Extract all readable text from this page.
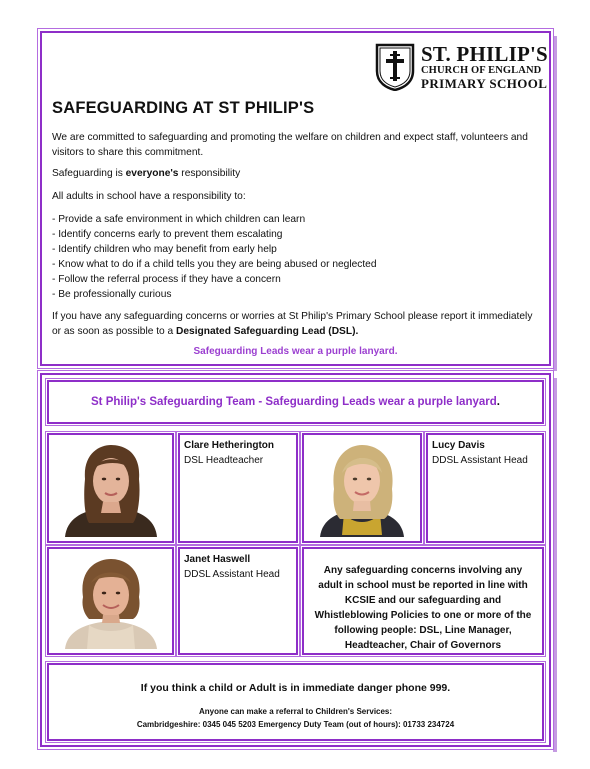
ST. PHILIP'S
CHURCH OF ENGLAND
PRIMARY SCHOOL
SAFEGUARDING AT ST PHILIP'S
We are committed to safeguarding and promoting the welfare on children and expect staff, volunteers and visitors to share this commitment.
Safeguarding is everyone's responsibility
All adults in school have a responsibility to:
- Provide a safe environment in which children can learn
- Identify concerns early to prevent them escalating
- Identify children who may benefit from early help
- Know what to do if a child tells you they are being abused or neglected
- Follow the referral process if they have a concern
- Be professionally curious
If you have any safeguarding concerns or worries at St Philip's Primary School please report it immediately or as soon as possible to a Designated Safeguarding Lead (DSL).
Safeguarding Leads wear a purple lanyard.
St Philip's Safeguarding Team - Safeguarding Leads wear a purple lanyard.
Clare Hetherington
DSL Headteacher
Lucy Davis
DDSL Assistant Head
Janet Haswell
DDSL Assistant Head	Any safeguarding concerns involving any adult in school must be reported in line with KCSIE and our safeguarding and Whistleblowing Policies to one or more of the following people: DSL, Line Manager, Headteacher, Chair of Governors
If you think a child or Adult is in immediate danger phone 999.
Anyone can make a referral to Children's Services:
Cambridgeshire: 0345 045 5203 Emergency Duty Team (out of hours): 01733 234724
